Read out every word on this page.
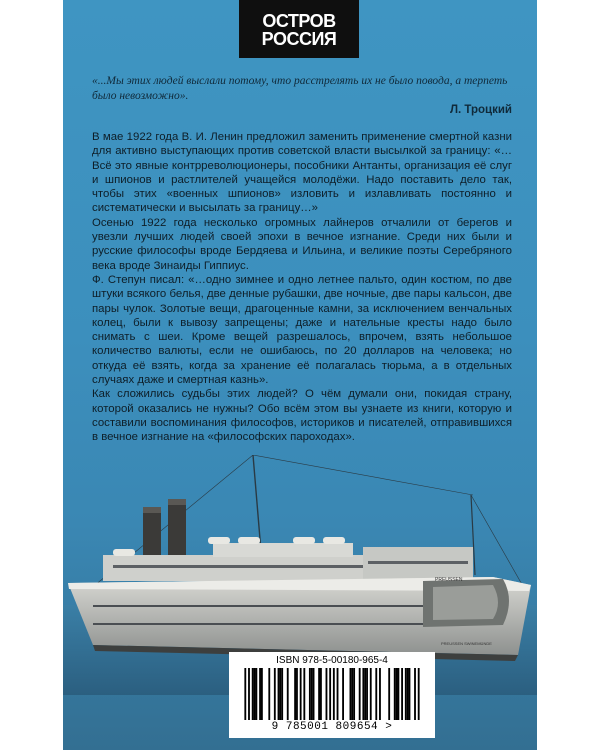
ОСТРОВ
РОССИЯ
«...Мы этих людей выслали потому, что расстрелять их не было повода, а терпеть было невозможно».
Л. Троцкий

В мае 1922 года В. И. Ленин предложил заменить применение смертной казни для активно выступающих против советской власти высылкой за границу: «…Всё это явные контрреволюционеры, пособники Антанты, организация её слуг и шпионов и растлителей учащейся молодёжи. Надо поставить дело так, чтобы этих «военных шпионов» изловить и излавливать постоянно и систематически и высылать за границу…»

Осенью 1922 года несколько огромных лайнеров отчалили от берегов и увезли лучших людей своей эпохи в вечное изгнание. Среди них были и русские философы вроде Бердяева и Ильина, и великие поэты Серебряного века вроде Зинаиды Гиппиус.

Ф. Степун писал: «…одно зимнее и одно летнее пальто, один костюм, по две штуки всякого белья, две денные рубашки, две ночные, две пары кальсон, две пары чулок. Золотые вещи, драгоценные камни, за исключением венчальных колец, были к вывозу запрещены; даже и нательные кресты надо было снимать с шеи. Кроме вещей разрешалось, впрочем, взять небольшое количество валюты, если не ошибаюсь, по 20 долларов на человека; но откуда её взять, когда за хранение её полагалась тюрьма, а в отдельных случаях даже и смертная казнь».

Как сложились судьбы этих людей? О чём думали они, покидая страну, которой оказались не нужны? Обо всём этом вы узнаете из книги, которую и составили воспоминания философов, историков и писателей, отправившихся в вечное изгнание на «философских пароходах».

PREUSSEN
PREUSSEN SWINEMÜNDE
ISBN 978-5-00180-965-4
9 785001 809654 >
